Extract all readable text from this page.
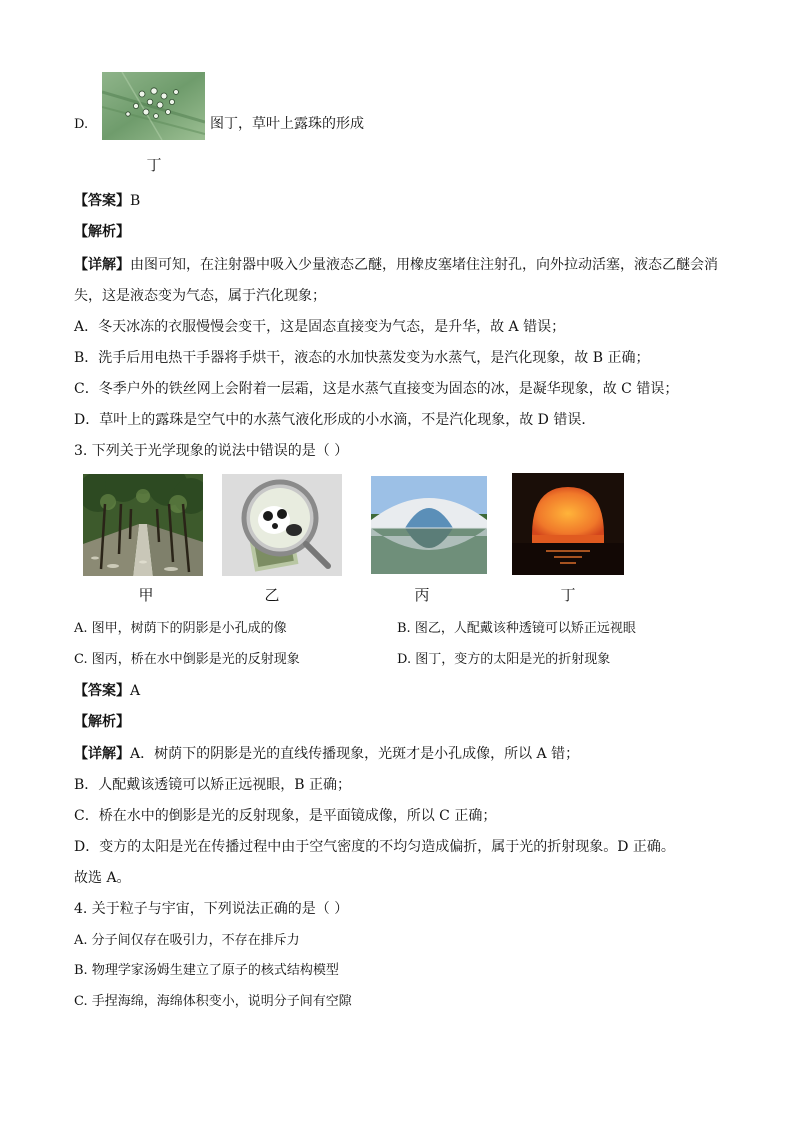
D.	图丁，草叶上露珠的形成
丁
【答案】B
【解析】
【详解】由图可知，在注射器中吸入少量液态乙醚，用橡皮塞堵住注射孔，向外拉动活塞，液态乙醚会消
失，这是液态变为气态，属于汽化现象；
A．冬天冰冻的衣服慢慢会变干，这是固态直接变为气态，是升华，故 A 错误；
B．洗手后用电热干手器将手烘干，液态的水加快蒸发变为水蒸气，是汽化现象，故 B 正确；
C．冬季户外的铁丝网上会附着一层霜，这是水蒸气直接变为固态的冰，是凝华现象，故 C 错误；
D．草叶上的露珠是空气中的水蒸气液化形成的小水滴，不是汽化现象，故 D 错误．
3. 下列关于光学现象的说法中错误的是（ ）
甲	乙	丙	丁
A. 图甲，树荫下的阴影是小孔成的像	B. 图乙，人配戴该种透镜可以矫正远视眼
C. 图丙，桥在水中倒影是光的反射现象	D. 图丁，变方的太阳是光的折射现象
【答案】A
【解析】
【详解】A．树荫下的阴影是光的直线传播现象，光斑才是小孔成像，所以 A 错；
B．人配戴该透镜可以矫正远视眼，B 正确；
C．桥在水中的倒影是光的反射现象，是平面镜成像，所以 C 正确；
D．变方的太阳是光在传播过程中由于空气密度的不均匀造成偏折，属于光的折射现象。D 正确。
故选 A。
4. 关于粒子与宇宙，下列说法正确的是（ ）
A. 分子间仅存在吸引力，不存在排斥力
B. 物理学家汤姆生建立了原子的核式结构模型
C. 手捏海绵，海绵体积变小，说明分子间有空隙
